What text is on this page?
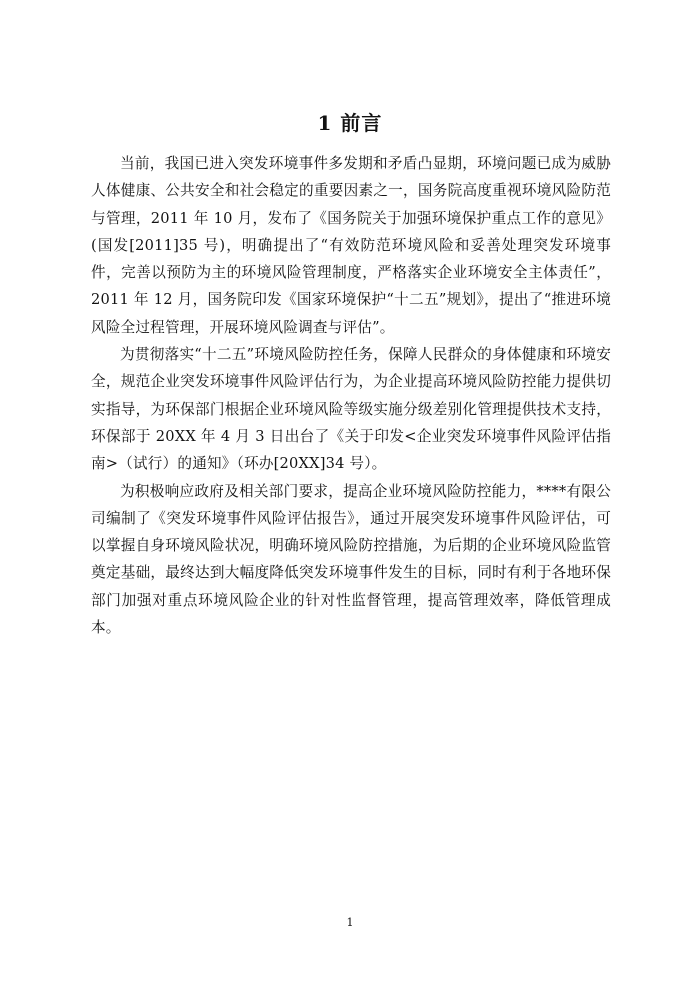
1 前言

当前，我国已进入突发环境事件多发期和矛盾凸显期，环境问题已成为威胁人体健康、公共安全和社会稳定的重要因素之一，国务院高度重视环境风险防范与管理，2011 年 10 月，发布了《国务院关于加强环境保护重点工作的意见》(国发[2011]35 号)，明确提出了“有效防范环境风险和妥善处理突发环境事件，完善以预防为主的环境风险管理制度，严格落实企业环境安全主体责任”，2011 年 12 月，国务院印发《国家环境保护“十二五”规划》，提出了“推进环境风险全过程管理，开展环境风险调查与评估”。

为贯彻落实“十二五”环境风险防控任务，保障人民群众的身体健康和环境安全，规范企业突发环境事件风险评估行为，为企业提高环境风险防控能力提供切实指导，为环保部门根据企业环境风险等级实施分级差别化管理提供技术支持，环保部于 20XX 年 4 月 3 日出台了《关于印发<企业突发环境事件风险评估指南>（试行）的通知》（环办[20XX]34 号）。

为积极响应政府及相关部门要求，提高企业环境风险防控能力，****有限公司编制了《突发环境事件风险评估报告》，通过开展突发环境事件风险评估，可以掌握自身环境风险状况，明确环境风险防控措施，为后期的企业环境风险监管奠定基础，最终达到大幅度降低突发环境事件发生的目标，同时有利于各地环保部门加强对重点环境风险企业的针对性监督管理，提高管理效率，降低管理成本。

1
